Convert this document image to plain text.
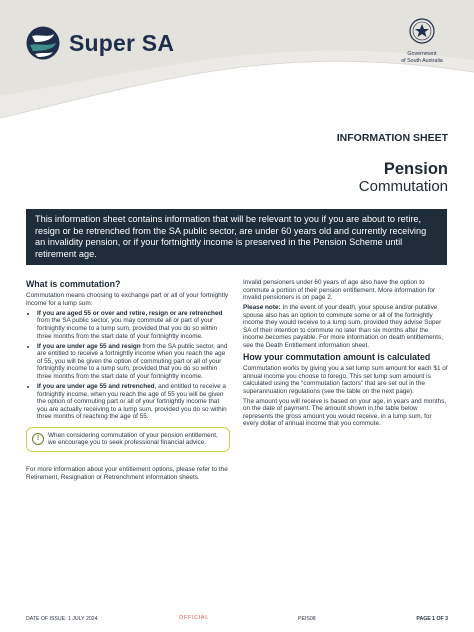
Super SA	Government
of South Australia
INFORMATION SHEET
Pension
Commutation

This information sheet contains information that will be relevant to you if you are about to retire, resign or be retrenched from the SA public sector, are under 60 years old and currently receiving an invalidity pension, or if your fortnightly income is preserved in the Pension Scheme until retirement age.

What is commutation?

Commutation means choosing to exchange part or all of your fortnightly income for a lump sum:

• If you are aged 55 or over and retire, resign or are retrenched from the SA public sector, you may commute all or part of your fortnightly income to a lump sum, provided that you do so within three months from the start date of your fortnightly income.
• If you are under age 55 and resign from the SA public sector, and are entitled to receive a fortnightly income when you reach the age of 55, you will be given the option of commuting part or all of your fortnightly income to a lump sum, provided that you do so within three months from the start date of your fortnightly income.
• If you are under age 55 and retrenched, and entitled to receive a fortnightly income, when you reach the age of 55 you will be given the option of commuting part or all of your fortnightly income that you are actually receiving to a lump sum, provided you do so within three months of reaching the age of 55.
!	When considering commutation of your pension entitlement, we encourage you to seek professional financial advice.

For more information about your entitlement options, please refer to the Retirement, Resignation or Retrenchment information sheets.

Invalid pensioners under 60 years of age also have the option to commute a portion of their pension entitlement. More information for invalid pensioners is on page 2.

Please note: In the event of your death, your spouse and/or putative spouse also has an option to commute some or all of the fortnightly income they would receive to a lump sum, provided they advise Super SA of their intention to commute no later than six months after the income becomes payable. For more information on death entitlements, see the Death Entitlement information sheet.

How your commutation amount is calculated

Commutation works by giving you a set lump sum amount for each $1 of annual income you choose to forego. This set lump sum amount is calculated using the “commutation factors” that are set out in the superannuation regulations (see the table on the next page).

The amount you will receive is based on your age, in years and months, on the date of payment. The amount shown in the table below represents the gross amount you would receive, in a lump sum, for every dollar of annual income that you commute.

DATE OF ISSUE: 1 JULY 2024	OFFICIAL	PEIS08	PAGE 1 OF 3
